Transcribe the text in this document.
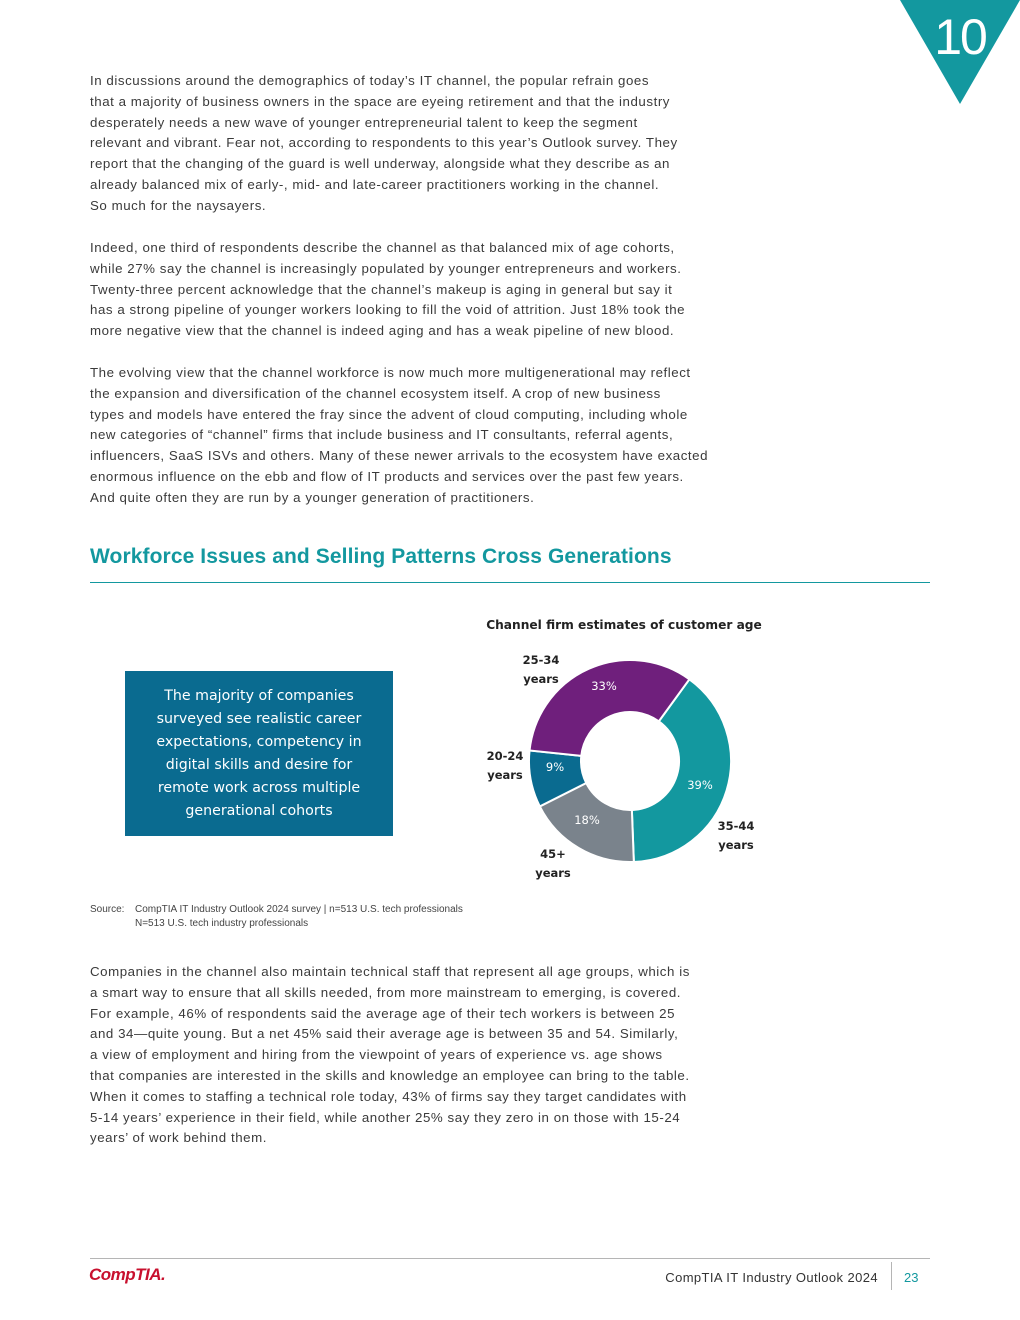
10

In discussions around the demographics of today’s IT channel, the popular refrain goes
that a majority of business owners in the space are eyeing retirement and that the industry
desperately needs a new wave of younger entrepreneurial talent to keep the segment
relevant and vibrant. Fear not, according to respondents to this year’s Outlook survey. They
report that the changing of the guard is well underway, alongside what they describe as an
already balanced mix of early-, mid- and late-career practitioners working in the channel.
So much for the naysayers.

Indeed, one third of respondents describe the channel as that balanced mix of age cohorts,
while 27% say the channel is increasingly populated by younger entrepreneurs and workers.
Twenty-three percent acknowledge that the channel’s makeup is aging in general but say it
has a strong pipeline of younger workers looking to fill the void of attrition. Just 18% took the
more negative view that the channel is indeed aging and has a weak pipeline of new blood.

The evolving view that the channel workforce is now much more multigenerational may reflect
the expansion and diversification of the channel ecosystem itself. A crop of new business
types and models have entered the fray since the advent of cloud computing, including whole
new categories of “channel” firms that include business and IT consultants, referral agents,
influencers, SaaS ISVs and others. Many of these newer arrivals to the ecosystem have exacted
enormous influence on the ebb and flow of IT products and services over the past few years.
And quite often they are run by a younger generation of practitioners.

Workforce Issues and Selling Patterns Cross Generations
The majority of companies
surveyed see realistic career
expectations, competency in
digital skills and desire for
remote work across multiple
generational cohorts
Channel firm estimates of customer age
39%
35-44 years
18%
45+ years
9%
20-24 years
33%
25-34 years
Source: CompTIA IT Industry Outlook 2024 survey | n=513 U.S. tech professionals
N=513 U.S. tech industry professionals

Companies in the channel also maintain technical staff that represent all age groups, which is
a smart way to ensure that all skills needed, from more mainstream to emerging, is covered.
For example, 46% of respondents said the average age of their tech workers is between 25
and 34—quite young. But a net 45% said their average age is between 35 and 54. Similarly,
a view of employment and hiring from the viewpoint of years of experience vs. age shows
that companies are interested in the skills and knowledge an employee can bring to the table.
When it comes to staffing a technical role today, 43% of firms say they target candidates with
5-14 years’ experience in their field, while another 25% say they zero in on those with 15-24
years’ of work behind them.

CompTIA.	CompTIA IT Industry Outlook 2024 23
